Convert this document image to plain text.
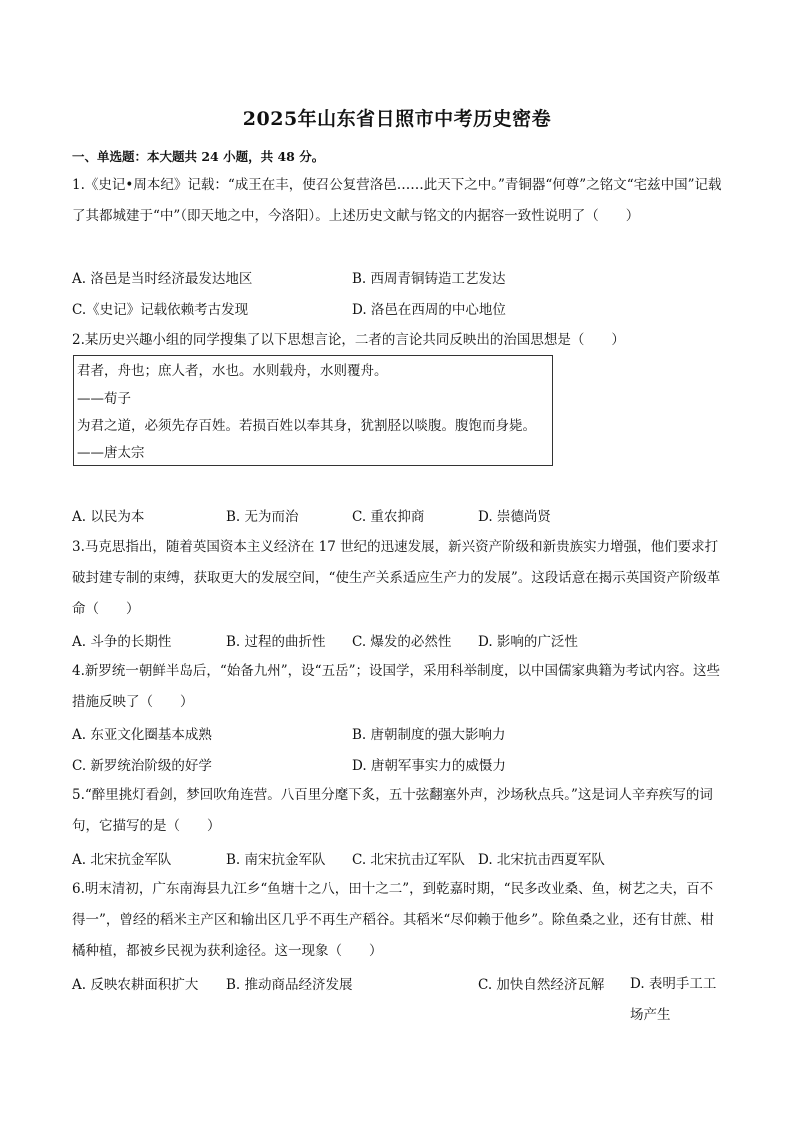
2025年山东省日照市中考历史密卷
一、单选题：本大题共 24 小题，共 48 分。
1.《史记•周本纪》记载：“成王在丰，使召公复营洛邑……此天下之中。”青铜器“何尊”之铭文“宅兹中国”记载了其都城建于“中”（即天地之中，今洛阳）。上述历史文献与铭文的内据容一致性说明了（　　）
A. 洛邑是当时经济最发达地区	B. 西周青铜铸造工艺发达
C.《史记》记载依赖考古发现	D. 洛邑在西周的中心地位
2.某历史兴趣小组的同学搜集了以下思想言论，二者的言论共同反映出的治国思想是（　　）
君者，舟也；庶人者，水也。水则载舟，水则覆舟。
——荀子
为君之道，必须先存百姓。若损百姓以奉其身，犹割胫以啖腹。腹饱而身毙。
——唐太宗
A. 以民为本	B. 无为而治	C. 重农抑商	D. 崇德尚贤
3.马克思指出，随着英国资本主义经济在 17 世纪的迅速发展，新兴资产阶级和新贵族实力增强，他们要求打破封建专制的束缚，获取更大的发展空间，“使生产关系适应生产力的发展”。这段话意在揭示英国资产阶级革命（　　）
A. 斗争的长期性	B. 过程的曲折性 C. 爆发的必然性 D. 影响的广泛性
4.新罗统一朝鲜半岛后，“始备九州”，设“五岳”；设国学，采用科举制度，以中国儒家典籍为考试内容。这些措施反映了（　　）
A. 东亚文化圈基本成熟	B. 唐朝制度的强大影响力
C. 新罗统治阶级的好学	D. 唐朝军事实力的威慑力
5.“醉里挑灯看剑，梦回吹角连营。八百里分麾下炙，五十弦翻塞外声，沙场秋点兵。”这是词人辛弃疾写的词句，它描写的是（　　）
A. 北宋抗金军队	B. 南宋抗金军队 C. 北宋抗击辽军队 D. 北宋抗击西夏军队
6.明末清初，广东南海县九江乡“鱼塘十之八，田十之二”，到乾嘉时期，“民多改业桑、鱼，树艺之夫，百不得一”，曾经的稻米主产区和输出区几乎不再生产稻谷。其稻米“尽仰赖于他乡”。除鱼桑之业，还有甘蔗、柑橘种植，都被乡民视为获利途径。这一现象（　　）
A. 反映农耕面积扩大 B. 推动商品经济发展	C. 加快自然经济瓦解 D. 表明手工工场产生
